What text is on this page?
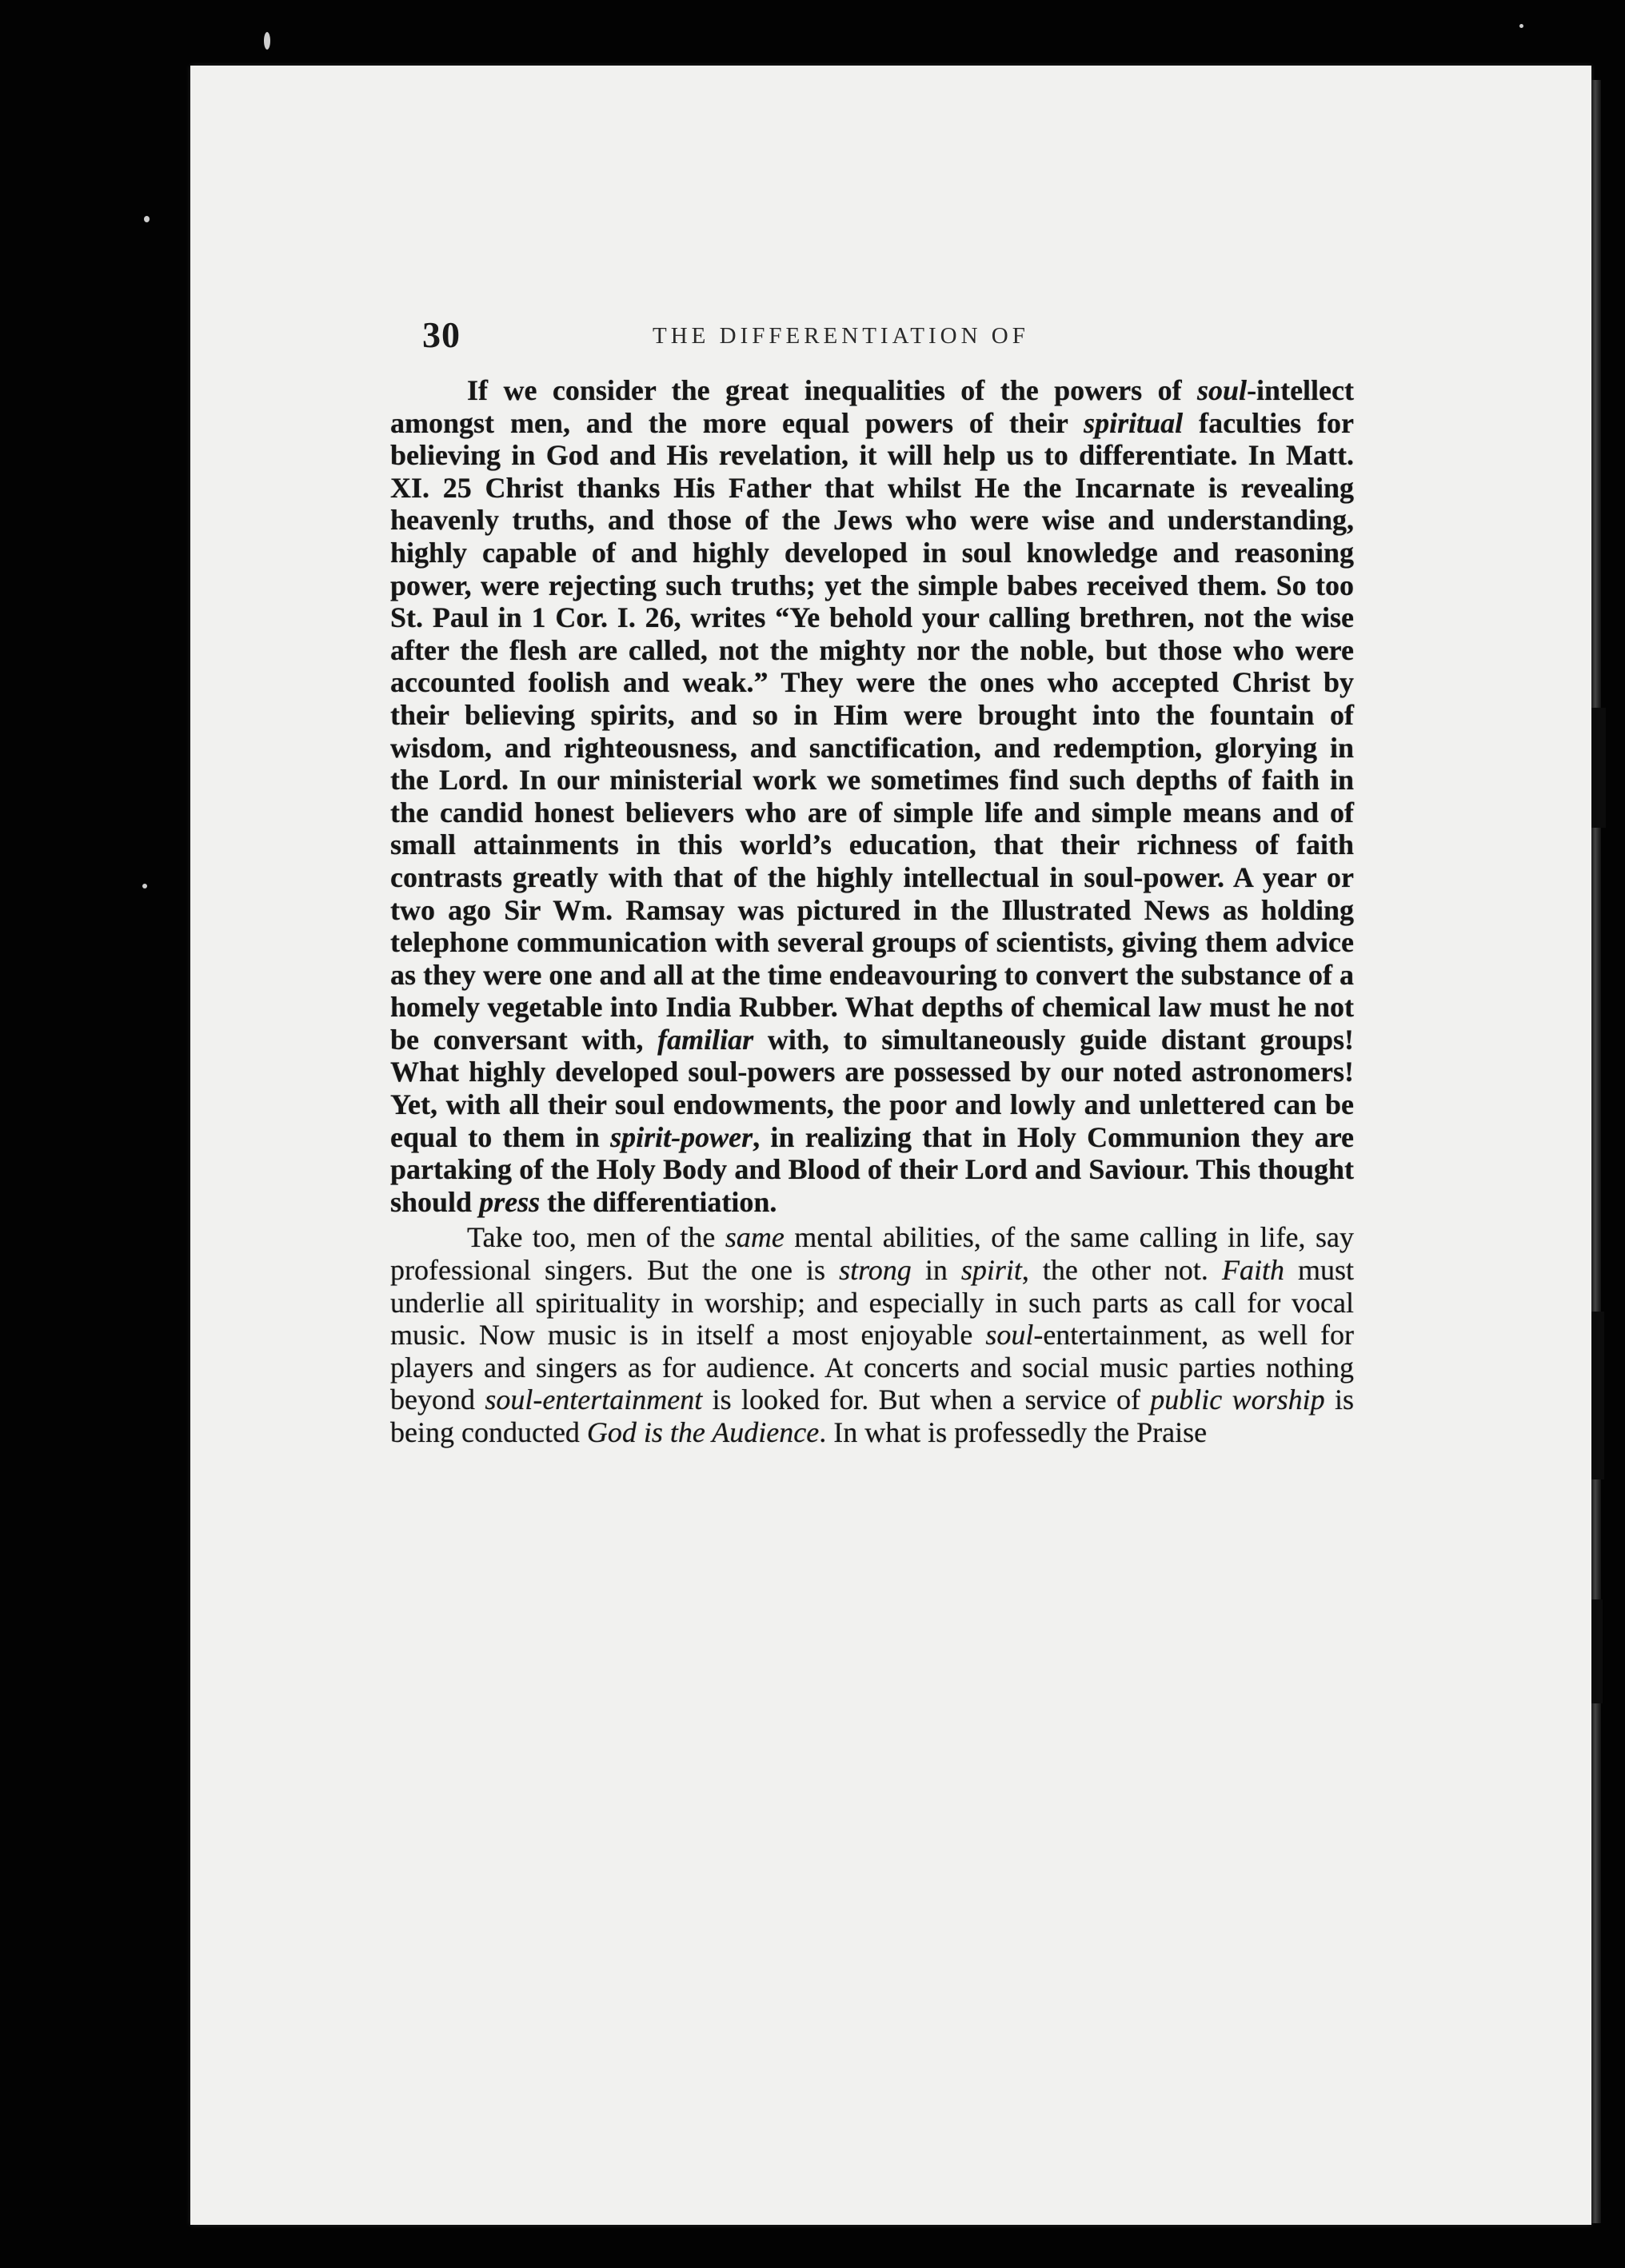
30	THE DIFFERENTIATION OF

If we consider the great inequalities of the powers of soul-intellect amongst men, and the more equal powers of their spiritual faculties for believing in God and His revelation, it will help us to differentiate. In Matt. XI. 25 Christ thanks His Father that whilst He the Incarnate is revealing heavenly truths, and those of the Jews who were wise and understanding, highly capable of and highly developed in soul knowledge and reasoning power, were rejecting such truths; yet the simple babes received them. So too St. Paul in 1 Cor. I. 26, writes “Ye behold your calling brethren, not the wise after the flesh are called, not the mighty nor the noble, but those who were accounted foolish and weak.” They were the ones who accepted Christ by their believing spirits, and so in Him were brought into the fountain of wisdom, and righteousness, and sanctification, and redemption, glorying in the Lord. In our ministerial work we sometimes find such depths of faith in the candid honest believers who are of simple life and simple means and of small attainments in this world’s education, that their richness of faith contrasts greatly with that of the highly intellectual in soul-power. A year or two ago Sir Wm. Ramsay was pictured in the Illustrated News as holding telephone communication with several groups of scientists, giving them advice as they were one and all at the time endeavouring to convert the substance of a homely vegetable into India Rubber. What depths of chemical law must he not be conversant with, familiar with, to simultaneously guide distant groups! What highly developed soul-powers are possessed by our noted astronomers! Yet, with all their soul endowments, the poor and lowly and unlettered can be equal to them in spirit-power, in realizing that in Holy Communion they are partaking of the Holy Body and Blood of their Lord and Saviour. This thought should press the differentiation.

Take too, men of the same mental abilities, of the same calling in life, say professional singers. But the one is strong in spirit, the other not. Faith must underlie all spirituality in worship; and especially in such parts as call for vocal music. Now music is in itself a most enjoyable soul-entertainment, as well for players and singers as for audience. At concerts and social music parties nothing beyond soul-entertainment is looked for. But when a service of public worship is being conducted God is the Audience. In what is professedly the Praise
